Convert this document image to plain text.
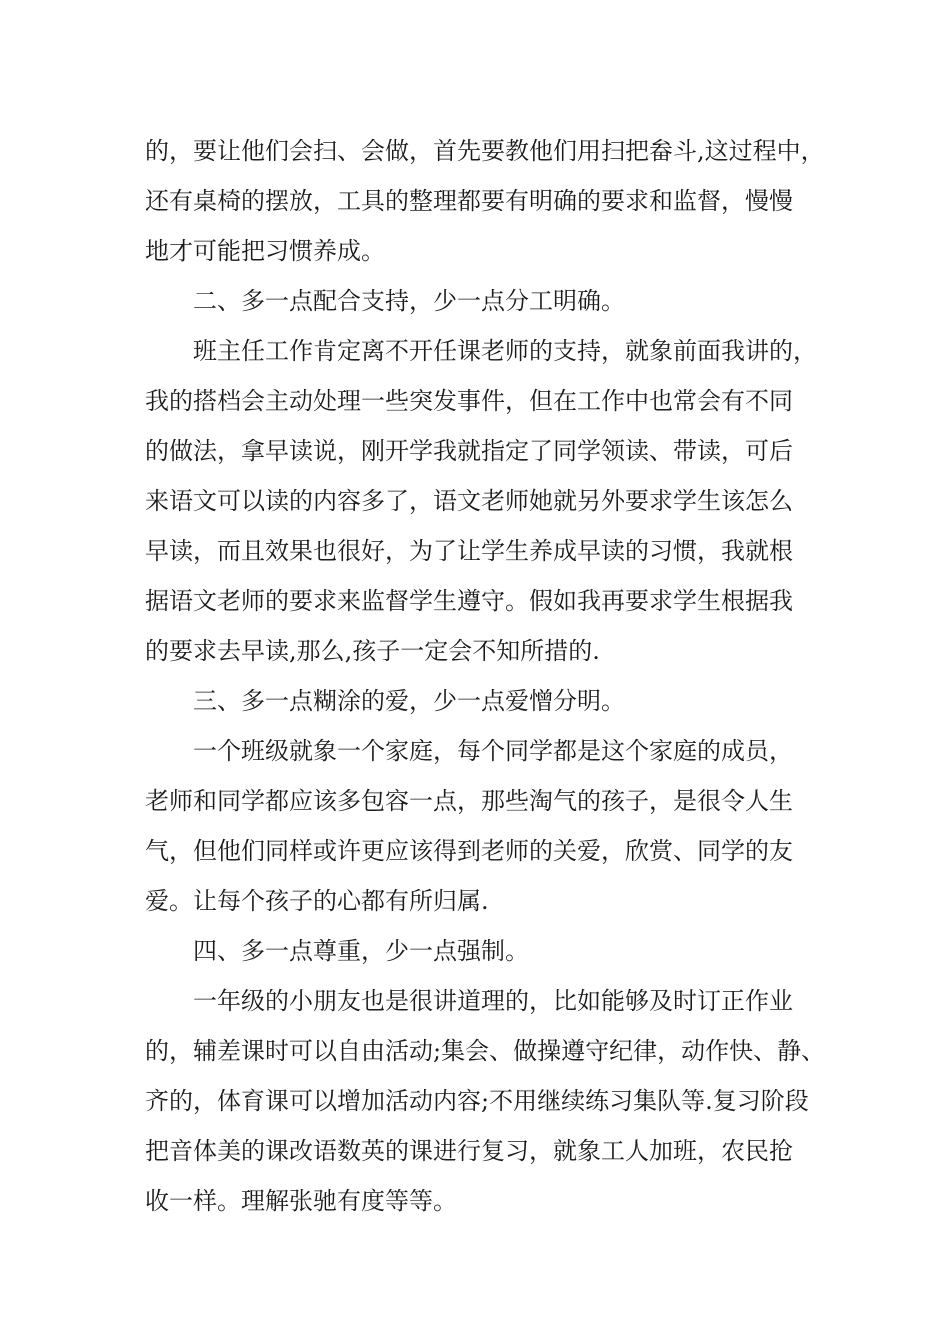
的，要让他们会扫、会做，首先要教他们用扫把畚斗,这过程中，
还有桌椅的摆放，工具的整理都要有明确的要求和监督，慢慢
地才可能把习惯养成。
二、多一点配合支持，少一点分工明确。
班主任工作肯定离不开任课老师的支持，就象前面我讲的，
我的搭档会主动处理一些突发事件，但在工作中也常会有不同
的做法，拿早读说，刚开学我就指定了同学领读、带读，可后
来语文可以读的内容多了，语文老师她就另外要求学生该怎么
早读，而且效果也很好，为了让学生养成早读的习惯，我就根
据语文老师的要求来监督学生遵守。假如我再要求学生根据我
的要求去早读,那么,孩子一定会不知所措的.
三、多一点糊涂的爱，少一点爱憎分明。
一个班级就象一个家庭，每个同学都是这个家庭的成员，
老师和同学都应该多包容一点，那些淘气的孩子，是很令人生
气，但他们同样或许更应该得到老师的关爱，欣赏、同学的友
爱。让每个孩子的心都有所归属.
四、多一点尊重，少一点强制。
一年级的小朋友也是很讲道理的，比如能够及时订正作业
的，辅差课时可以自由活动;集会、做操遵守纪律，动作快、静、
齐的，体育课可以增加活动内容;不用继续练习集队等.复习阶段
把音体美的课改语数英的课进行复习，就象工人加班，农民抢
收一样。理解张驰有度等等。
